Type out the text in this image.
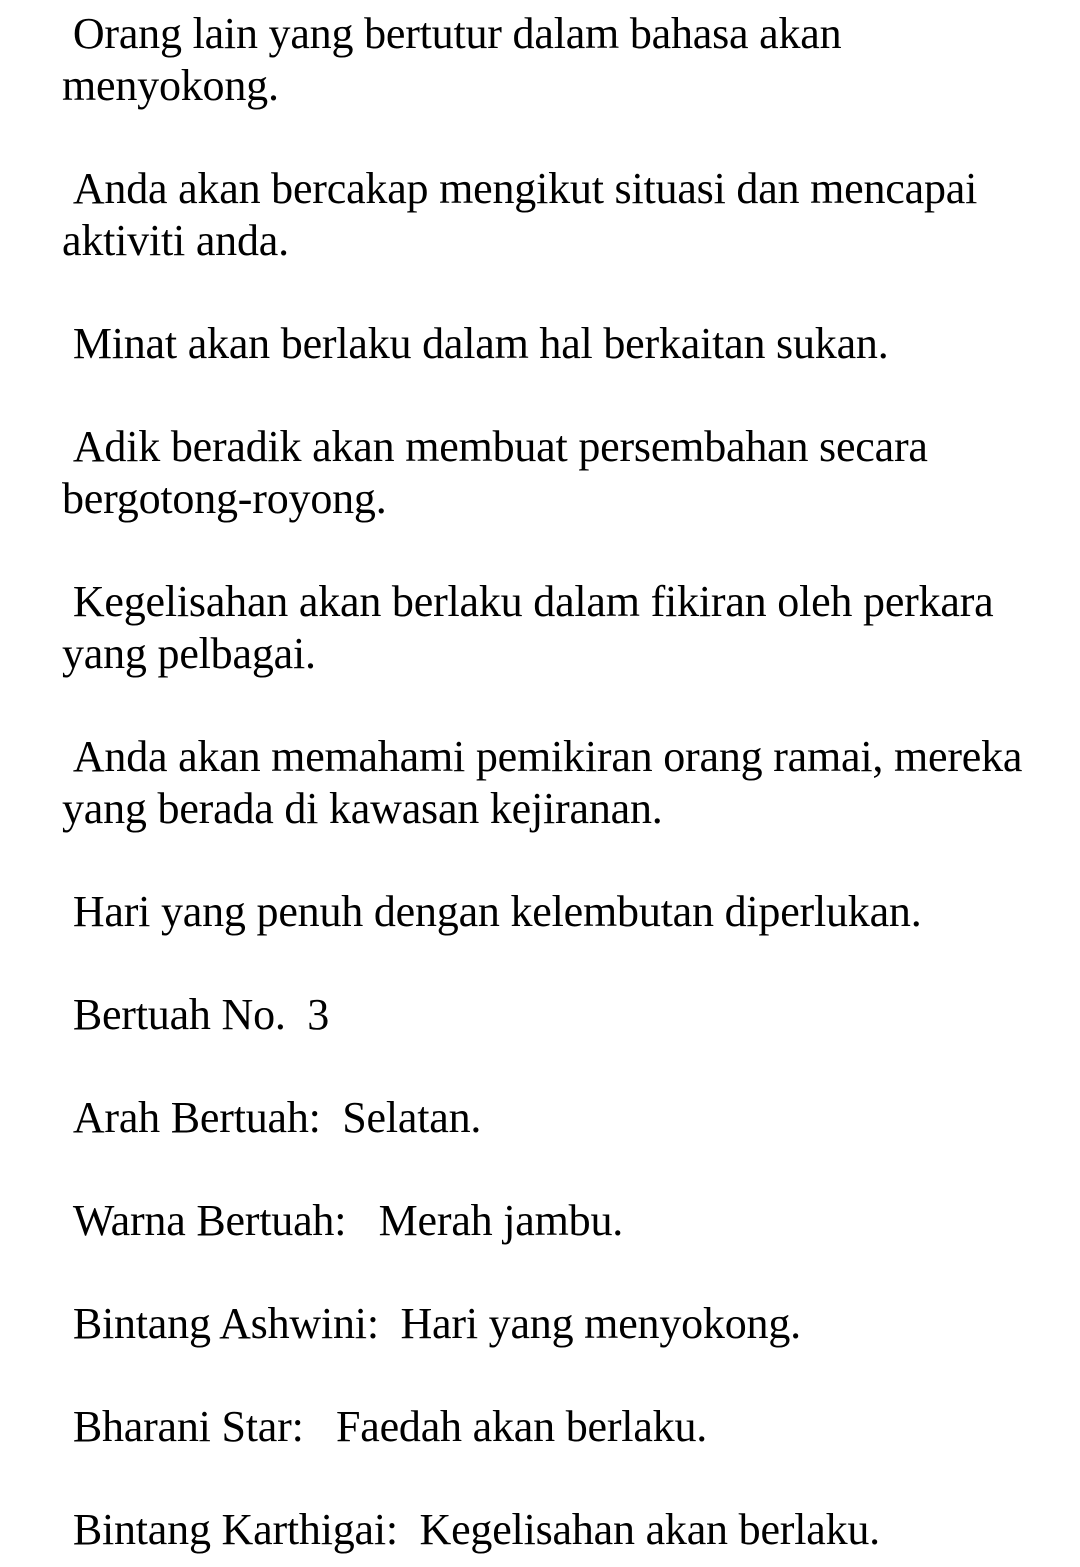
Orang lain yang bertutur dalam bahasa akan menyokong.

Anda akan bercakap mengikut situasi dan mencapai aktiviti anda.

Minat akan berlaku dalam hal berkaitan sukan.

Adik beradik akan membuat persembahan secara bergotong-royong.

Kegelisahan akan berlaku dalam fikiran oleh perkara yang pelbagai.

Anda akan memahami pemikiran orang ramai, mereka yang berada di kawasan kejiranan.

Hari yang penuh dengan kelembutan diperlukan.

Bertuah No.  3

Arah Bertuah:  Selatan.

Warna Bertuah:   Merah jambu.

Bintang Ashwini:  Hari yang menyokong.

Bharani Star:   Faedah akan berlaku.

Bintang Karthigai:  Kegelisahan akan berlaku.
